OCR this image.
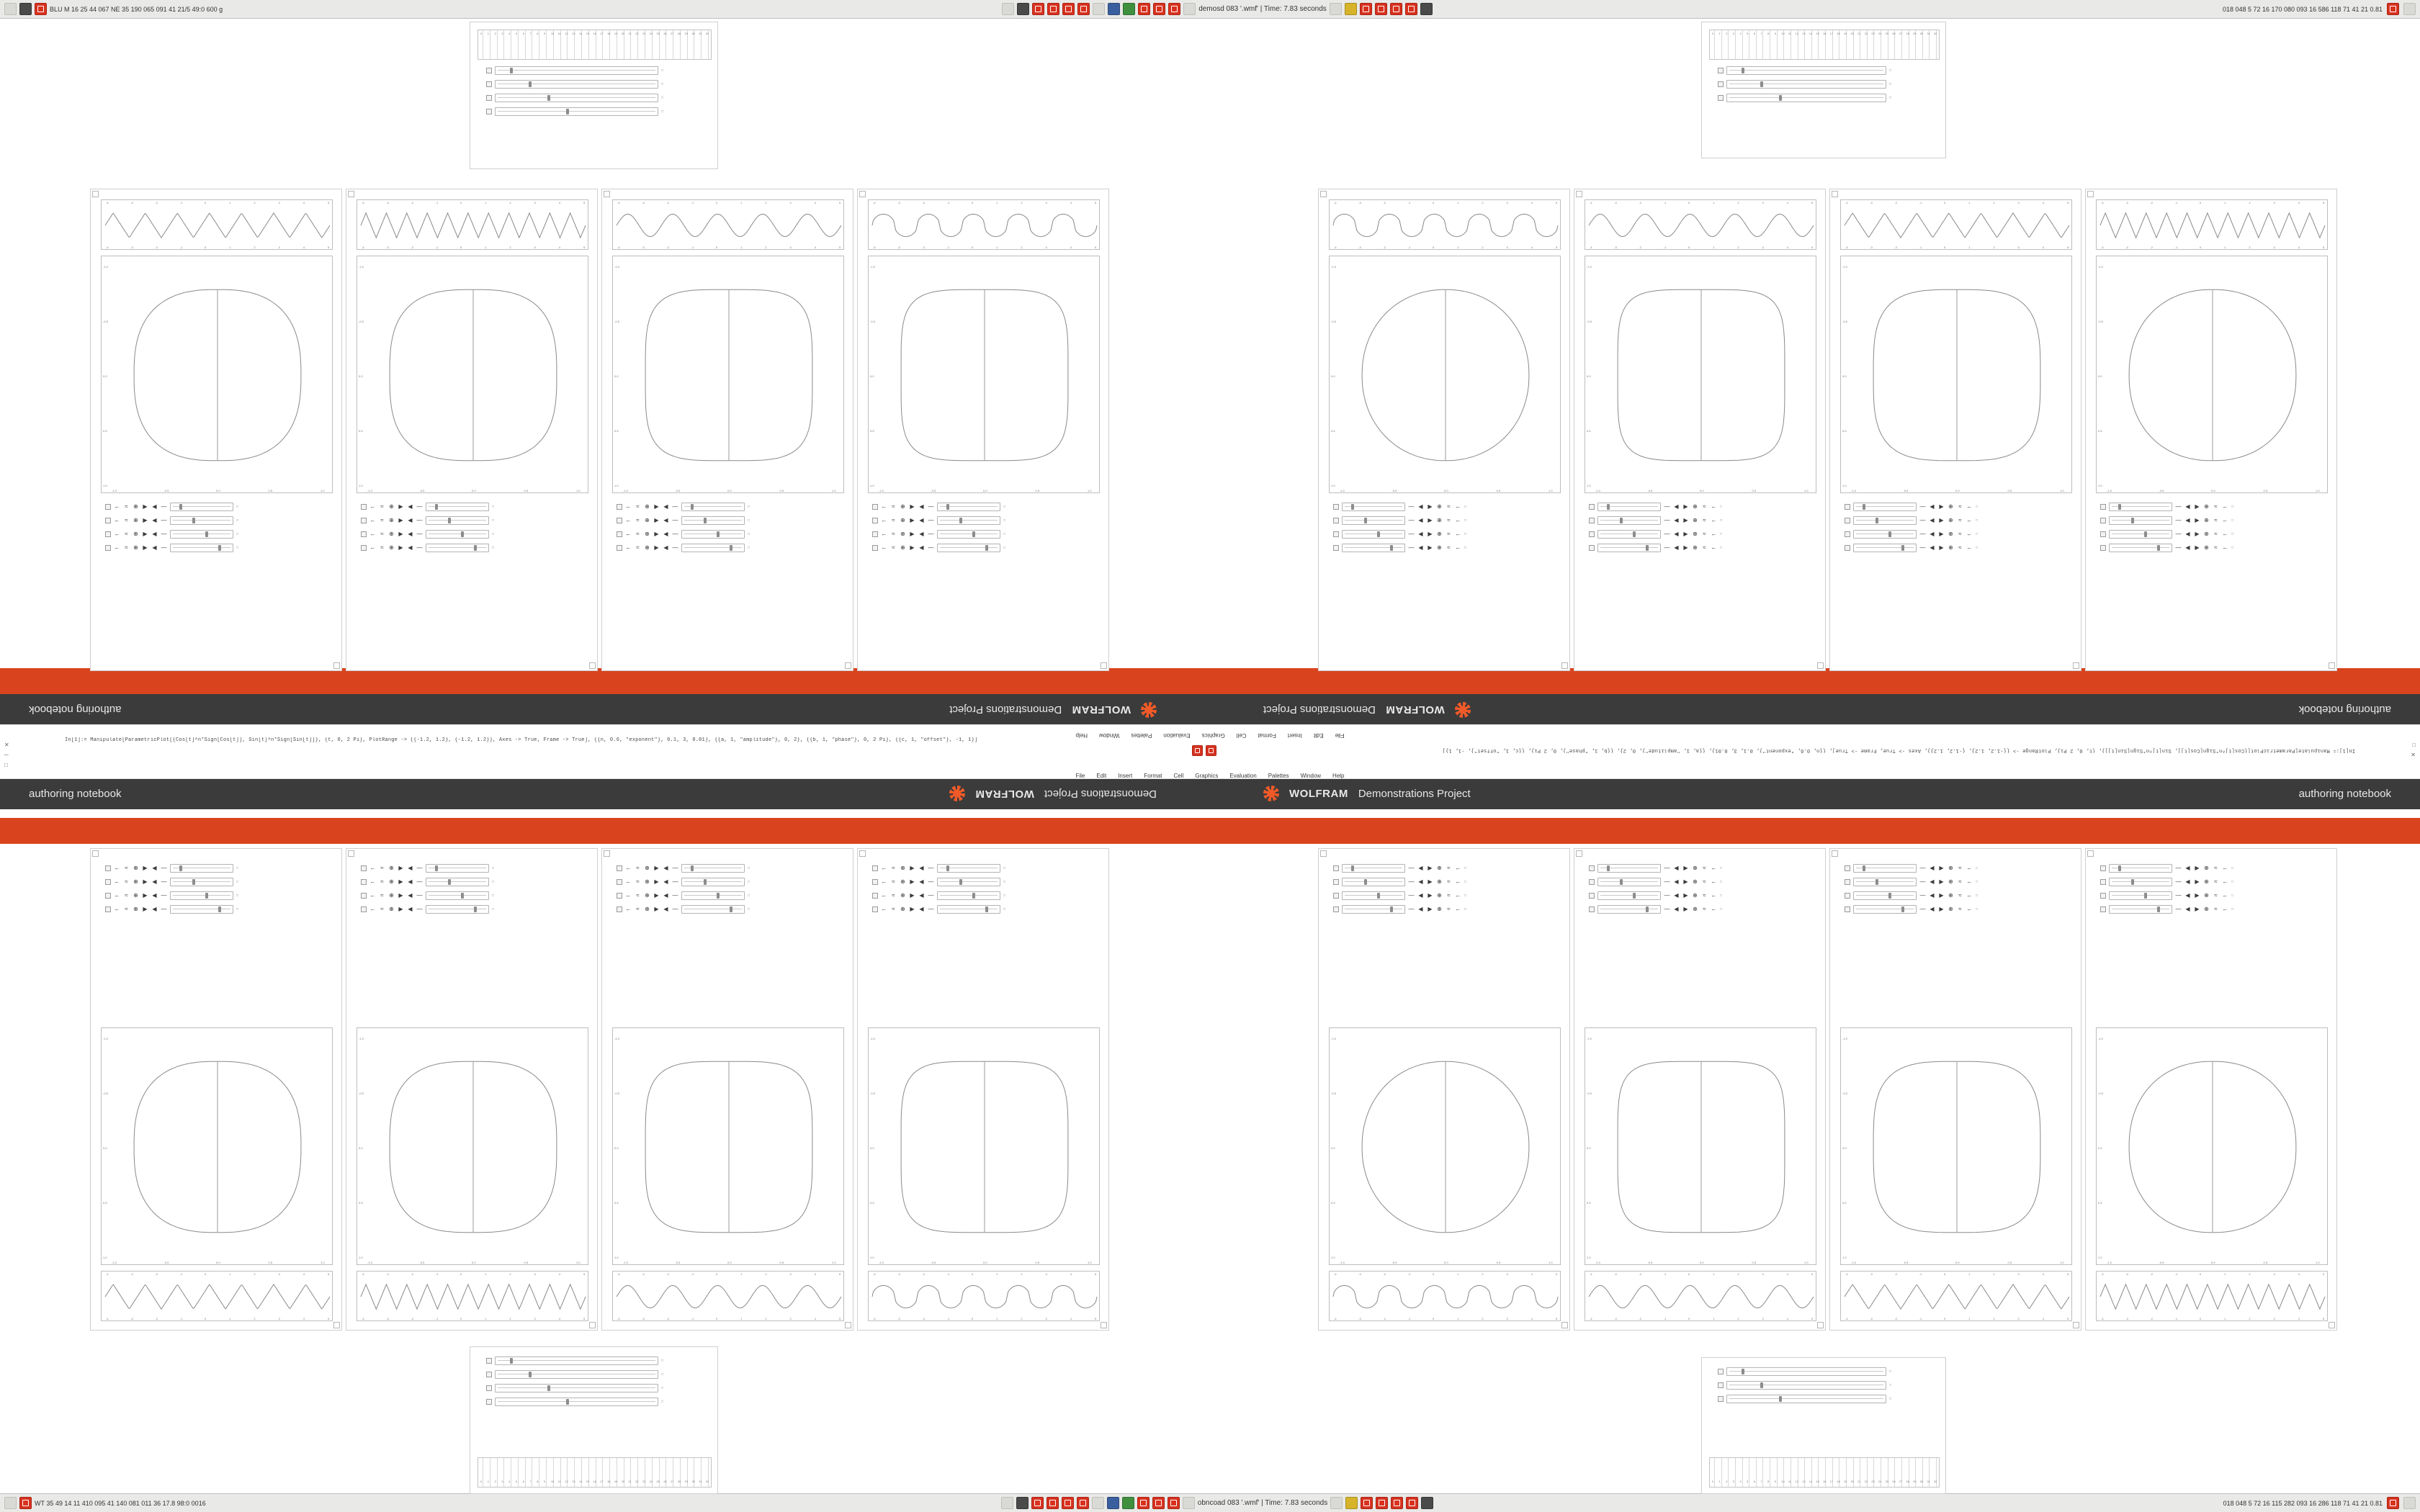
BLU M 16 25 44 067 NE 35 190 065 091 41 21/5 49:0 600 g	demosd 083 '.wmf' | Time: 7.83 seconds	018 048 5 72 16 170 080 093 16 586 118 71 41 21 0.81
WT 35 49 14 11 410 095 41 140 081 011 36 17.8 98:0 0016	obncoad 083 '.wmf' | Time: 7.83 seconds	018 048 5 72 16 115 282 093 16 286 118 71 41 21 0.81
authoring notebook
WOLFRAM
Demonstrations Project
WOLFRAM
Demonstrations Project
authoring notebook
authoring notebook	WOLFRAM Demonstrations Project	WOLFRAM Demonstrations Project	authoring notebook
In[1]:= Manipulate[ParametricPlot[{Cos[t]^n*Sign[Cos[t]], Sin[t]^n*Sign[Sin[t]]}, {t, 0, 2 Pi}, PlotRange -> {{-1.2, 1.2}, {-1.2, 1.2}}, Axes -> True, Frame -> True], {{n, 0.6, "exponent"}, 0.1, 3, 0.01}, {{a, 1, "amplitude"}, 0, 2}, {{b, 1, "phase"}, 0, 2 Pi}, {{c, 1, "offset"}, -1, 1}]
In[1]:= Manipulate[ParametricPlot[{Cos[t]^n*Sign[Cos[t]], Sin[t]^n*Sign[Sin[t]]}, {t, 0, 2 Pi}, PlotRange -> {{-1.2, 1.2}, {-1.2, 1.2}}, Axes -> True, Frame -> True], {{n, 0.6, "exponent"}, 0.1, 3, 0.01}, {{a, 1, "amplitude"}, 0, 2}, {{b, 1, "phase"}, 0, 2 Pi}, {{c, 1, "offset"}, -1, 1}]
File
Edit
Insert
Format
Cell
Graphics
Evaluation
Palettes
Window
Help
File Edit Insert Format Cell Graphics Evaluation Palettes Window Help
✕
─
□
□
✕
-4	-3	-2	-1	0	1	2	3	4	5
-4	-3	-2	-1	0	1	2	3	4	5
-1.0
-1.0
-0.5
-0.5
0.0
0.0
0.5
0.5
1.0
1.0
← ≈ ⊕ ▶ ◀ —	□
← ≈ ⊕ ▶ ◀ —	□
← ≈ ⊕ ▶ ◀ —	□
← ≈ ⊕ ▶ ◀ —	□
-4	-3	-2	-1	0	1	2	3	4	5
-4	-3	-2	-1	0	1	2	3	4	5
-1.0
-1.0
-0.5
-0.5
0.0
0.0
0.5
0.5
1.0
1.0
← ≈ ⊕ ▶ ◀ —	□
← ≈ ⊕ ▶ ◀ —	□
← ≈ ⊕ ▶ ◀ —	□
← ≈ ⊕ ▶ ◀ —	□
-4	-3	-2	-1	0	1	2	3	4	5
-4	-3	-2	-1	0	1	2	3	4	5
-1.0
-1.0
-0.5
-0.5
0.0
0.0
0.5
0.5
1.0
1.0
← ≈ ⊕ ▶ ◀ —	□
← ≈ ⊕ ▶ ◀ —	□
← ≈ ⊕ ▶ ◀ —	□
← ≈ ⊕ ▶ ◀ —	□
-4	-3	-2	-1	0	1	2	3	4	5
-4	-3	-2	-1	0	1	2	3	4	5
-1.0
-1.0
-0.5
-0.5
0.0
0.0
0.5
0.5
1.0
1.0
← ≈ ⊕ ▶ ◀ —	□
← ≈ ⊕ ▶ ◀ —	□
← ≈ ⊕ ▶ ◀ —	□
← ≈ ⊕ ▶ ◀ —	□
-4	-3	-2	-1	0	1	2	3	4	5
-4	-3	-2	-1	0	1	2	3	4	5
-1.0
-1.0
-0.5
-0.5
0.0
0.0
0.5
0.5
1.0
1.0
← ≈ ⊕ ▶ ◀ —	□
← ≈ ⊕ ▶ ◀ —	□
← ≈ ⊕ ▶ ◀ —	□
← ≈ ⊕ ▶ ◀ —	□
-4	-3	-2	-1	0	1	2	3	4	5
-4	-3	-2	-1	0	1	2	3	4	5
-1.0
-1.0
-0.5
-0.5
0.0
0.0
0.5
0.5
1.0
1.0
← ≈ ⊕ ▶ ◀ —	□
← ≈ ⊕ ▶ ◀ —	□
← ≈ ⊕ ▶ ◀ —	□
← ≈ ⊕ ▶ ◀ —	□
-4	-3	-2	-1	0	1	2	3	4	5
-4	-3	-2	-1	0	1	2	3	4	5
-1.0
-1.0
-0.5
-0.5
0.0
0.0
0.5
0.5
1.0
1.0
← ≈ ⊕ ▶ ◀ —	□
← ≈ ⊕ ▶ ◀ —	□
← ≈ ⊕ ▶ ◀ —	□
← ≈ ⊕ ▶ ◀ —	□
-4	-3	-2	-1	0	1	2	3	4	5
-4	-3	-2	-1	0	1	2	3	4	5
-1.0
-1.0
-0.5
-0.5
0.0
0.0
0.5
0.5
1.0
1.0
← ≈ ⊕ ▶ ◀ —	□
← ≈ ⊕ ▶ ◀ —	□
← ≈ ⊕ ▶ ◀ —	□
← ≈ ⊕ ▶ ◀ —	□
-4	-3	-2	-1	0	1	2	3	4	5
-4	-3	-2	-1	0	1	2	3	4	5
-1.0
-1.0
-0.5
-0.5
0.0
0.0
0.5
0.5
1.0
1.0
— ◀ ▶ ⊕ ≈ ← □
— ◀ ▶ ⊕ ≈ ← □
— ◀ ▶ ⊕ ≈ ← □
— ◀ ▶ ⊕ ≈ ← □
-4	-3	-2	-1	0	1	2	3	4	5
-4	-3	-2	-1	0	1	2	3	4	5
-1.0
-1.0
-0.5
-0.5
0.0
0.0
0.5
0.5
1.0
1.0
— ◀ ▶ ⊕ ≈ ← □
— ◀ ▶ ⊕ ≈ ← □
— ◀ ▶ ⊕ ≈ ← □
— ◀ ▶ ⊕ ≈ ← □
-4	-3	-2	-1	0	1	2	3	4	5
-4	-3	-2	-1	0	1	2	3	4	5
-1.0
-1.0
-0.5
-0.5
0.0
0.0
0.5
0.5
1.0
1.0
— ◀ ▶ ⊕ ≈ ← □
— ◀ ▶ ⊕ ≈ ← □
— ◀ ▶ ⊕ ≈ ← □
— ◀ ▶ ⊕ ≈ ← □
-4	-3	-2	-1	0	1	2	3	4	5
-4	-3	-2	-1	0	1	2	3	4	5
-1.0
-1.0
-0.5
-0.5
0.0
0.0
0.5
0.5
1.0
1.0
— ◀ ▶ ⊕ ≈ ← □
— ◀ ▶ ⊕ ≈ ← □
— ◀ ▶ ⊕ ≈ ← □
— ◀ ▶ ⊕ ≈ ← □
-4	-3	-2	-1	0	1	2	3	4	5
-4	-3	-2	-1	0	1	2	3	4	5
-1.0
-1.0
-0.5
-0.5
0.0
0.0
0.5
0.5
1.0
1.0
— ◀ ▶ ⊕ ≈ ← □
— ◀ ▶ ⊕ ≈ ← □
— ◀ ▶ ⊕ ≈ ← □
— ◀ ▶ ⊕ ≈ ← □
-4	-3	-2	-1	0	1	2	3	4	5
-4	-3	-2	-1	0	1	2	3	4	5
-1.0
-1.0
-0.5
-0.5
0.0
0.0
0.5
0.5
1.0
1.0
— ◀ ▶ ⊕ ≈ ← □
— ◀ ▶ ⊕ ≈ ← □
— ◀ ▶ ⊕ ≈ ← □
— ◀ ▶ ⊕ ≈ ← □
-4	-3	-2	-1	0	1	2	3	4	5
-4	-3	-2	-1	0	1	2	3	4	5
-1.0
-1.0
-0.5
-0.5
0.0
0.0
0.5
0.5
1.0
1.0
— ◀ ▶ ⊕ ≈ ← □
— ◀ ▶ ⊕ ≈ ← □
— ◀ ▶ ⊕ ≈ ← □
— ◀ ▶ ⊕ ≈ ← □
-4	-3	-2	-1	0	1	2	3	4	5
-4	-3	-2	-1	0	1	2	3	4	5
-1.0
-1.0
-0.5
-0.5
0.0
0.0
0.5
0.5
1.0
1.0
— ◀ ▶ ⊕ ≈ ← □
— ◀ ▶ ⊕ ≈ ← □
— ◀ ▶ ⊕ ≈ ← □
— ◀ ▶ ⊕ ≈ ← □
0 1 2 3 4 5 6 7 8 9 10 11 12 13 14 15 16 17 18 19 20 21 22 23 24 25 26 27 28 29 30 31 32
□
□
□
□
0 1 2 3 4 5 6 7 8 9 10 11 12 13 14 15 16 17 18 19 20 21 22 23 24 25 26 27 28 29 30 31 32
□
□
□
0 1 2 3 4 5 6 7 8 9 10 11 12 13 14 15 16 17 18 19 20 21 22 23 24 25 26 27 28 29 30 31 32
□
□
□
□
0 1 2 3 4 5 6 7 8 9 10 11 12 13 14 15 16 17 18 19 20 21 22 23 24 25 26 27 28 29 30 31 32
□
□
□
